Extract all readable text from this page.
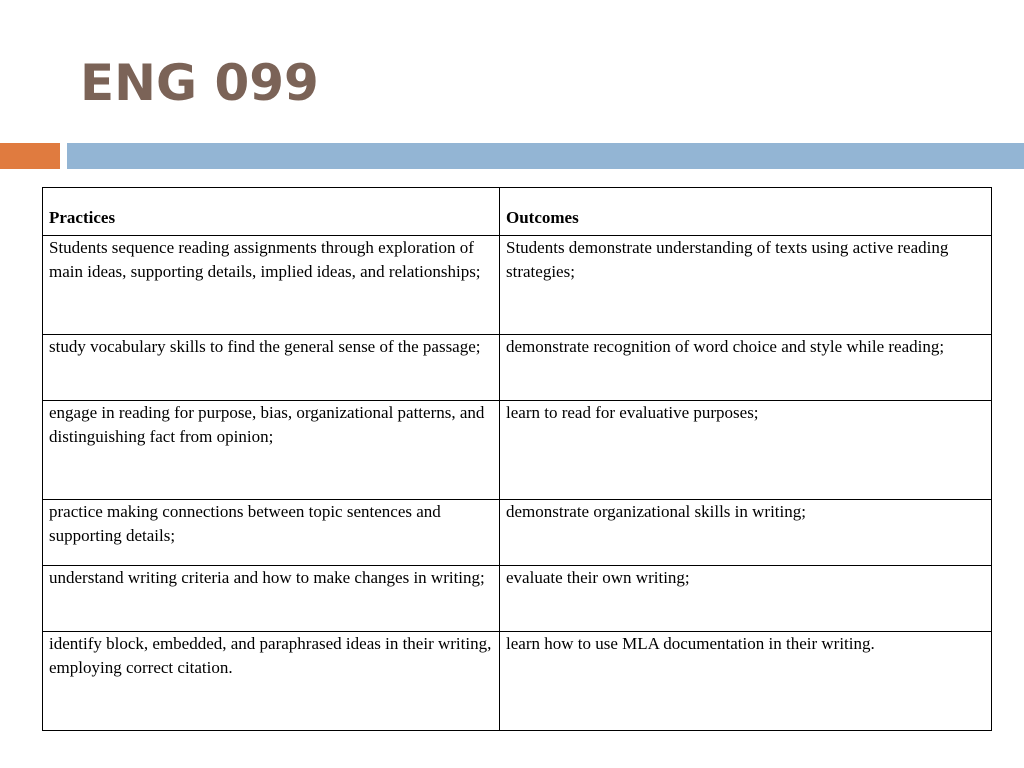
ENG 099
Practices	Outcomes
Students sequence reading assignments through exploration of main ideas, supporting details, implied ideas, and relationships;	Students demonstrate understanding of texts using active reading strategies;
study vocabulary skills to find the general sense of the passage;	demonstrate recognition of word choice and style while reading;
engage in reading for purpose, bias, organizational patterns, and distinguishing fact from opinion;	learn to read for evaluative purposes;
practice making connections between topic sentences and supporting details;	demonstrate organizational skills in writing;
understand writing criteria and how to make changes in writing;	evaluate their own writing;
identify block, embedded, and paraphrased ideas in their writing, employing correct citation.	learn how to use MLA documentation in their writing.
